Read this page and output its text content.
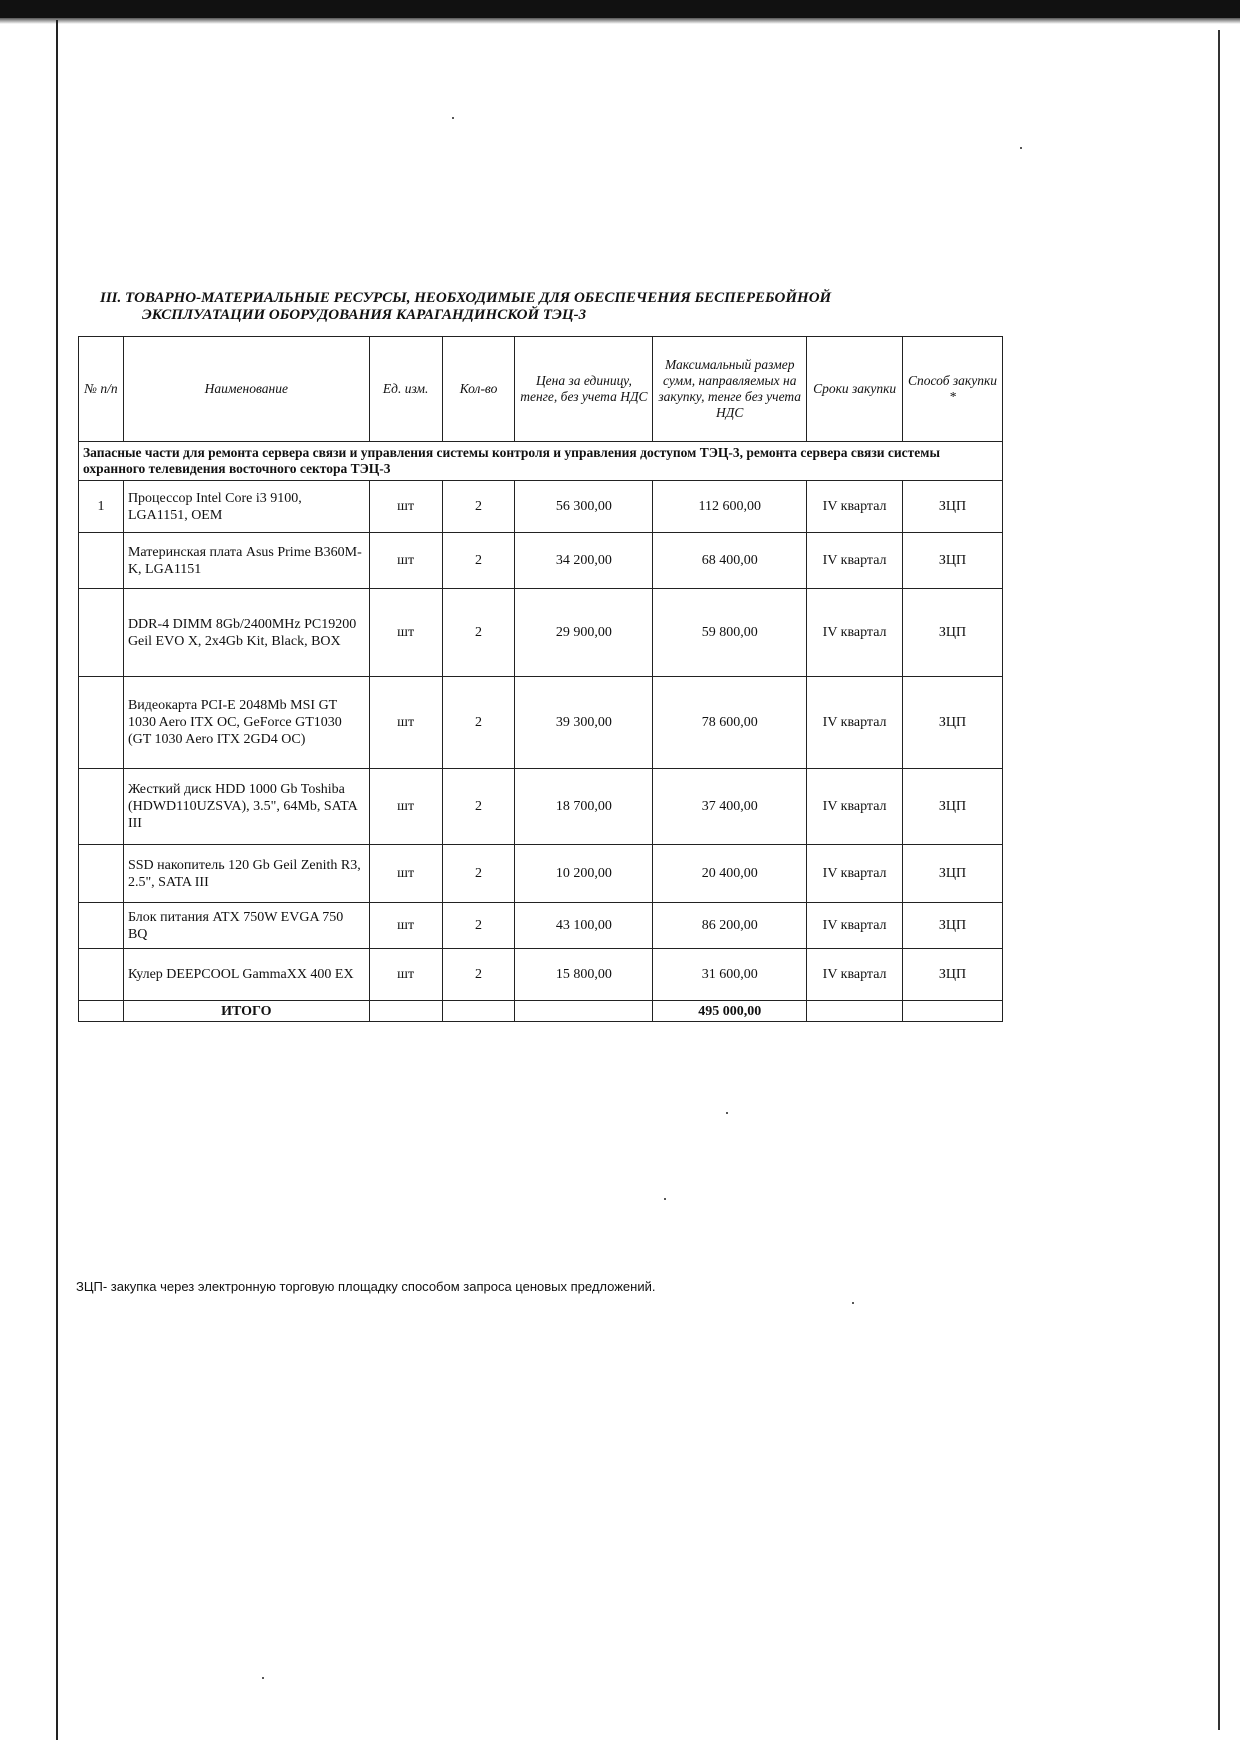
III. ТОВАРНО-МАТЕРИАЛЬНЫЕ РЕСУРСЫ, НЕОБХОДИМЫЕ ДЛЯ ОБЕСПЕЧЕНИЯ БЕСПЕРЕБОЙНОЙ
ЭКСПЛУАТАЦИИ ОБОРУДОВАНИЯ КАРАГАНДИНСКОЙ ТЭЦ-3
№ п/п	Наименование	Ед. изм.	Кол-во	Цена за единицу, тенге, без учета НДС	Максимальный размер сумм, направляемых на закупку, тенге без учета НДС	Сроки закупки	Способ закупки *
Запасные части для ремонта сервера связи и управления системы контроля и управления доступом ТЭЦ-3, ремонта сервера связи системы охранного телевидения восточного сектора ТЭЦ-3							
1	Процессор Intel Core i3 9100, LGA1151, OEM	шт	2	56 300,00	112 600,00	IV квартал	ЗЦП
	Материнская плата Asus Prime B360M-K, LGA1151	шт	2	34 200,00	68 400,00	IV квартал	ЗЦП
	DDR-4 DIMM 8Gb/2400MHz PC19200 Geil EVO X, 2x4Gb Kit, Black, BOX	шт	2	29 900,00	59 800,00	IV квартал	ЗЦП
	Видеокарта PCI-E 2048Mb MSI GT 1030 Aero ITX OC, GeForce GT1030 (GT 1030 Aero ITX 2GD4 OC)	шт	2	39 300,00	78 600,00	IV квартал	ЗЦП
	Жесткий диск HDD 1000 Gb Toshiba (HDWD110UZSVA), 3.5", 64Mb, SATA III	шт	2	18 700,00	37 400,00	IV квартал	ЗЦП
	SSD накопитель 120 Gb Geil Zenith R3, 2.5", SATA III	шт	2	10 200,00	20 400,00	IV квартал	ЗЦП
	Блок питания ATX 750W EVGA 750 BQ	шт	2	43 100,00	86 200,00	IV квартал	ЗЦП
	Кулер DEEPCOOL GammaXX 400 EX	шт	2	15 800,00	31 600,00	IV квартал	ЗЦП
	ИТОГО				495 000,00		
ЗЦП- закупка через электронную торговую площадку способом запроса ценовых предложений.
